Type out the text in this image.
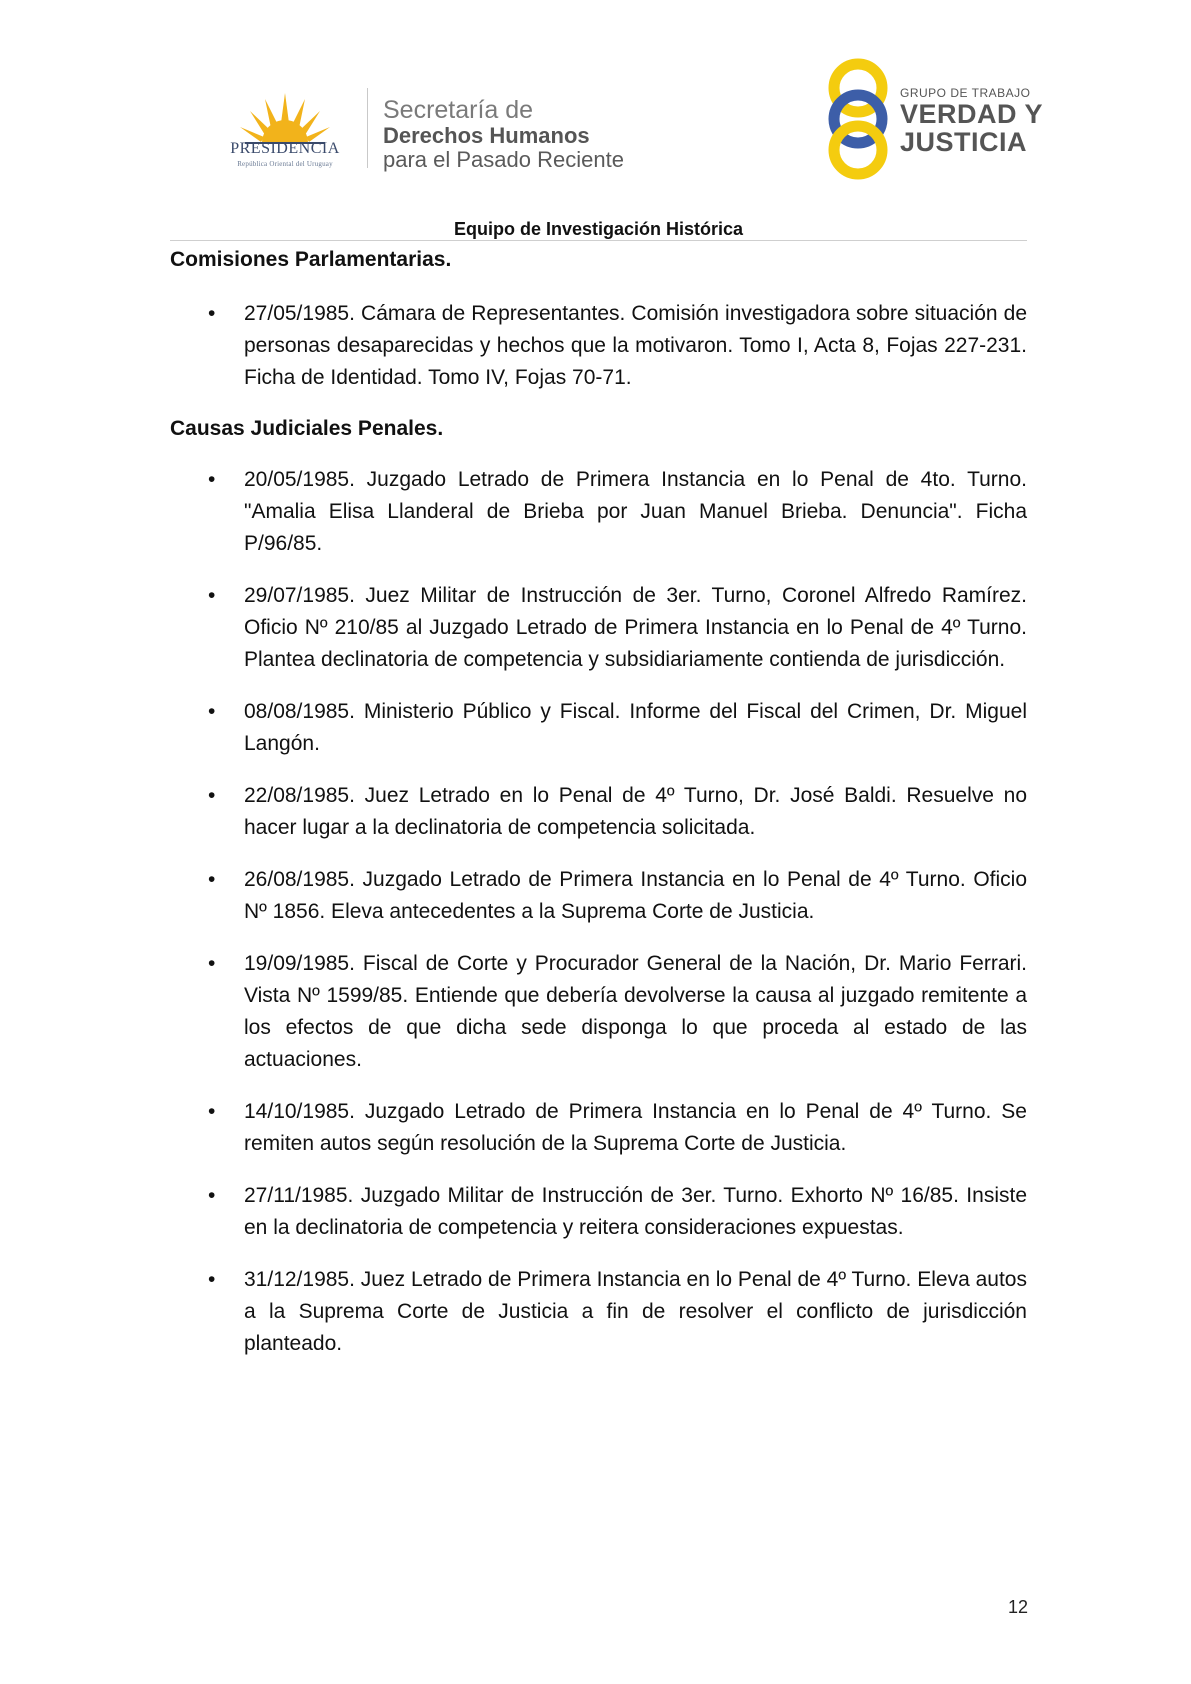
PRESIDENCIA
República Oriental del Uruguay
Secretaría de
Derechos Humanos
para el Pasado Reciente
GRUPO DE TRABAJO
VERDAD Y
JUSTICIA
Equipo de Investigación Histórica
Comisiones Parlamentarias.
• 27/05/1985. Cámara de Representantes. Comisión investigadora sobre situación de personas desaparecidas y hechos que la motivaron. Tomo I, Acta 8, Fojas 227-231. Ficha de Identidad. Tomo IV, Fojas 70-71.
Causas Judiciales Penales.
• 20/05/1985. Juzgado Letrado de Primera Instancia en lo Penal de 4to. Turno. "Amalia Elisa Llanderal de Brieba por Juan Manuel Brieba. Denuncia". Ficha P/96/85.
• 29/07/1985. Juez Militar de Instrucción de 3er. Turno, Coronel Alfredo Ramírez. Oficio Nº 210/85 al Juzgado Letrado de Primera Instancia en lo Penal de 4º Turno. Plantea declinatoria de competencia y subsidiariamente contienda de jurisdicción.
• 08/08/1985. Ministerio Público y Fiscal. Informe del Fiscal del Crimen, Dr. Miguel Langón.
• 22/08/1985. Juez Letrado en lo Penal de 4º Turno, Dr. José Baldi. Resuelve no hacer lugar a la declinatoria de competencia solicitada.
• 26/08/1985. Juzgado Letrado de Primera Instancia en lo Penal de 4º Turno. Oficio Nº 1856. Eleva antecedentes a la Suprema Corte de Justicia.
• 19/09/1985. Fiscal de Corte y Procurador General de la Nación, Dr. Mario Ferrari. Vista Nº 1599/85. Entiende que debería devolverse la causa al juzgado remitente a los efectos de que dicha sede disponga lo que proceda al estado de las actuaciones.
• 14/10/1985. Juzgado Letrado de Primera Instancia en lo Penal de 4º Turno. Se remiten autos según resolución de la Suprema Corte de Justicia.
• 27/11/1985. Juzgado Militar de Instrucción de 3er. Turno. Exhorto Nº 16/85. Insiste en la declinatoria de competencia y reitera consideraciones expuestas.
• 31/12/1985. Juez Letrado de Primera Instancia en lo Penal de 4º Turno. Eleva autos a la Suprema Corte de Justicia a fin de resolver el conflicto de jurisdicción planteado.
12
